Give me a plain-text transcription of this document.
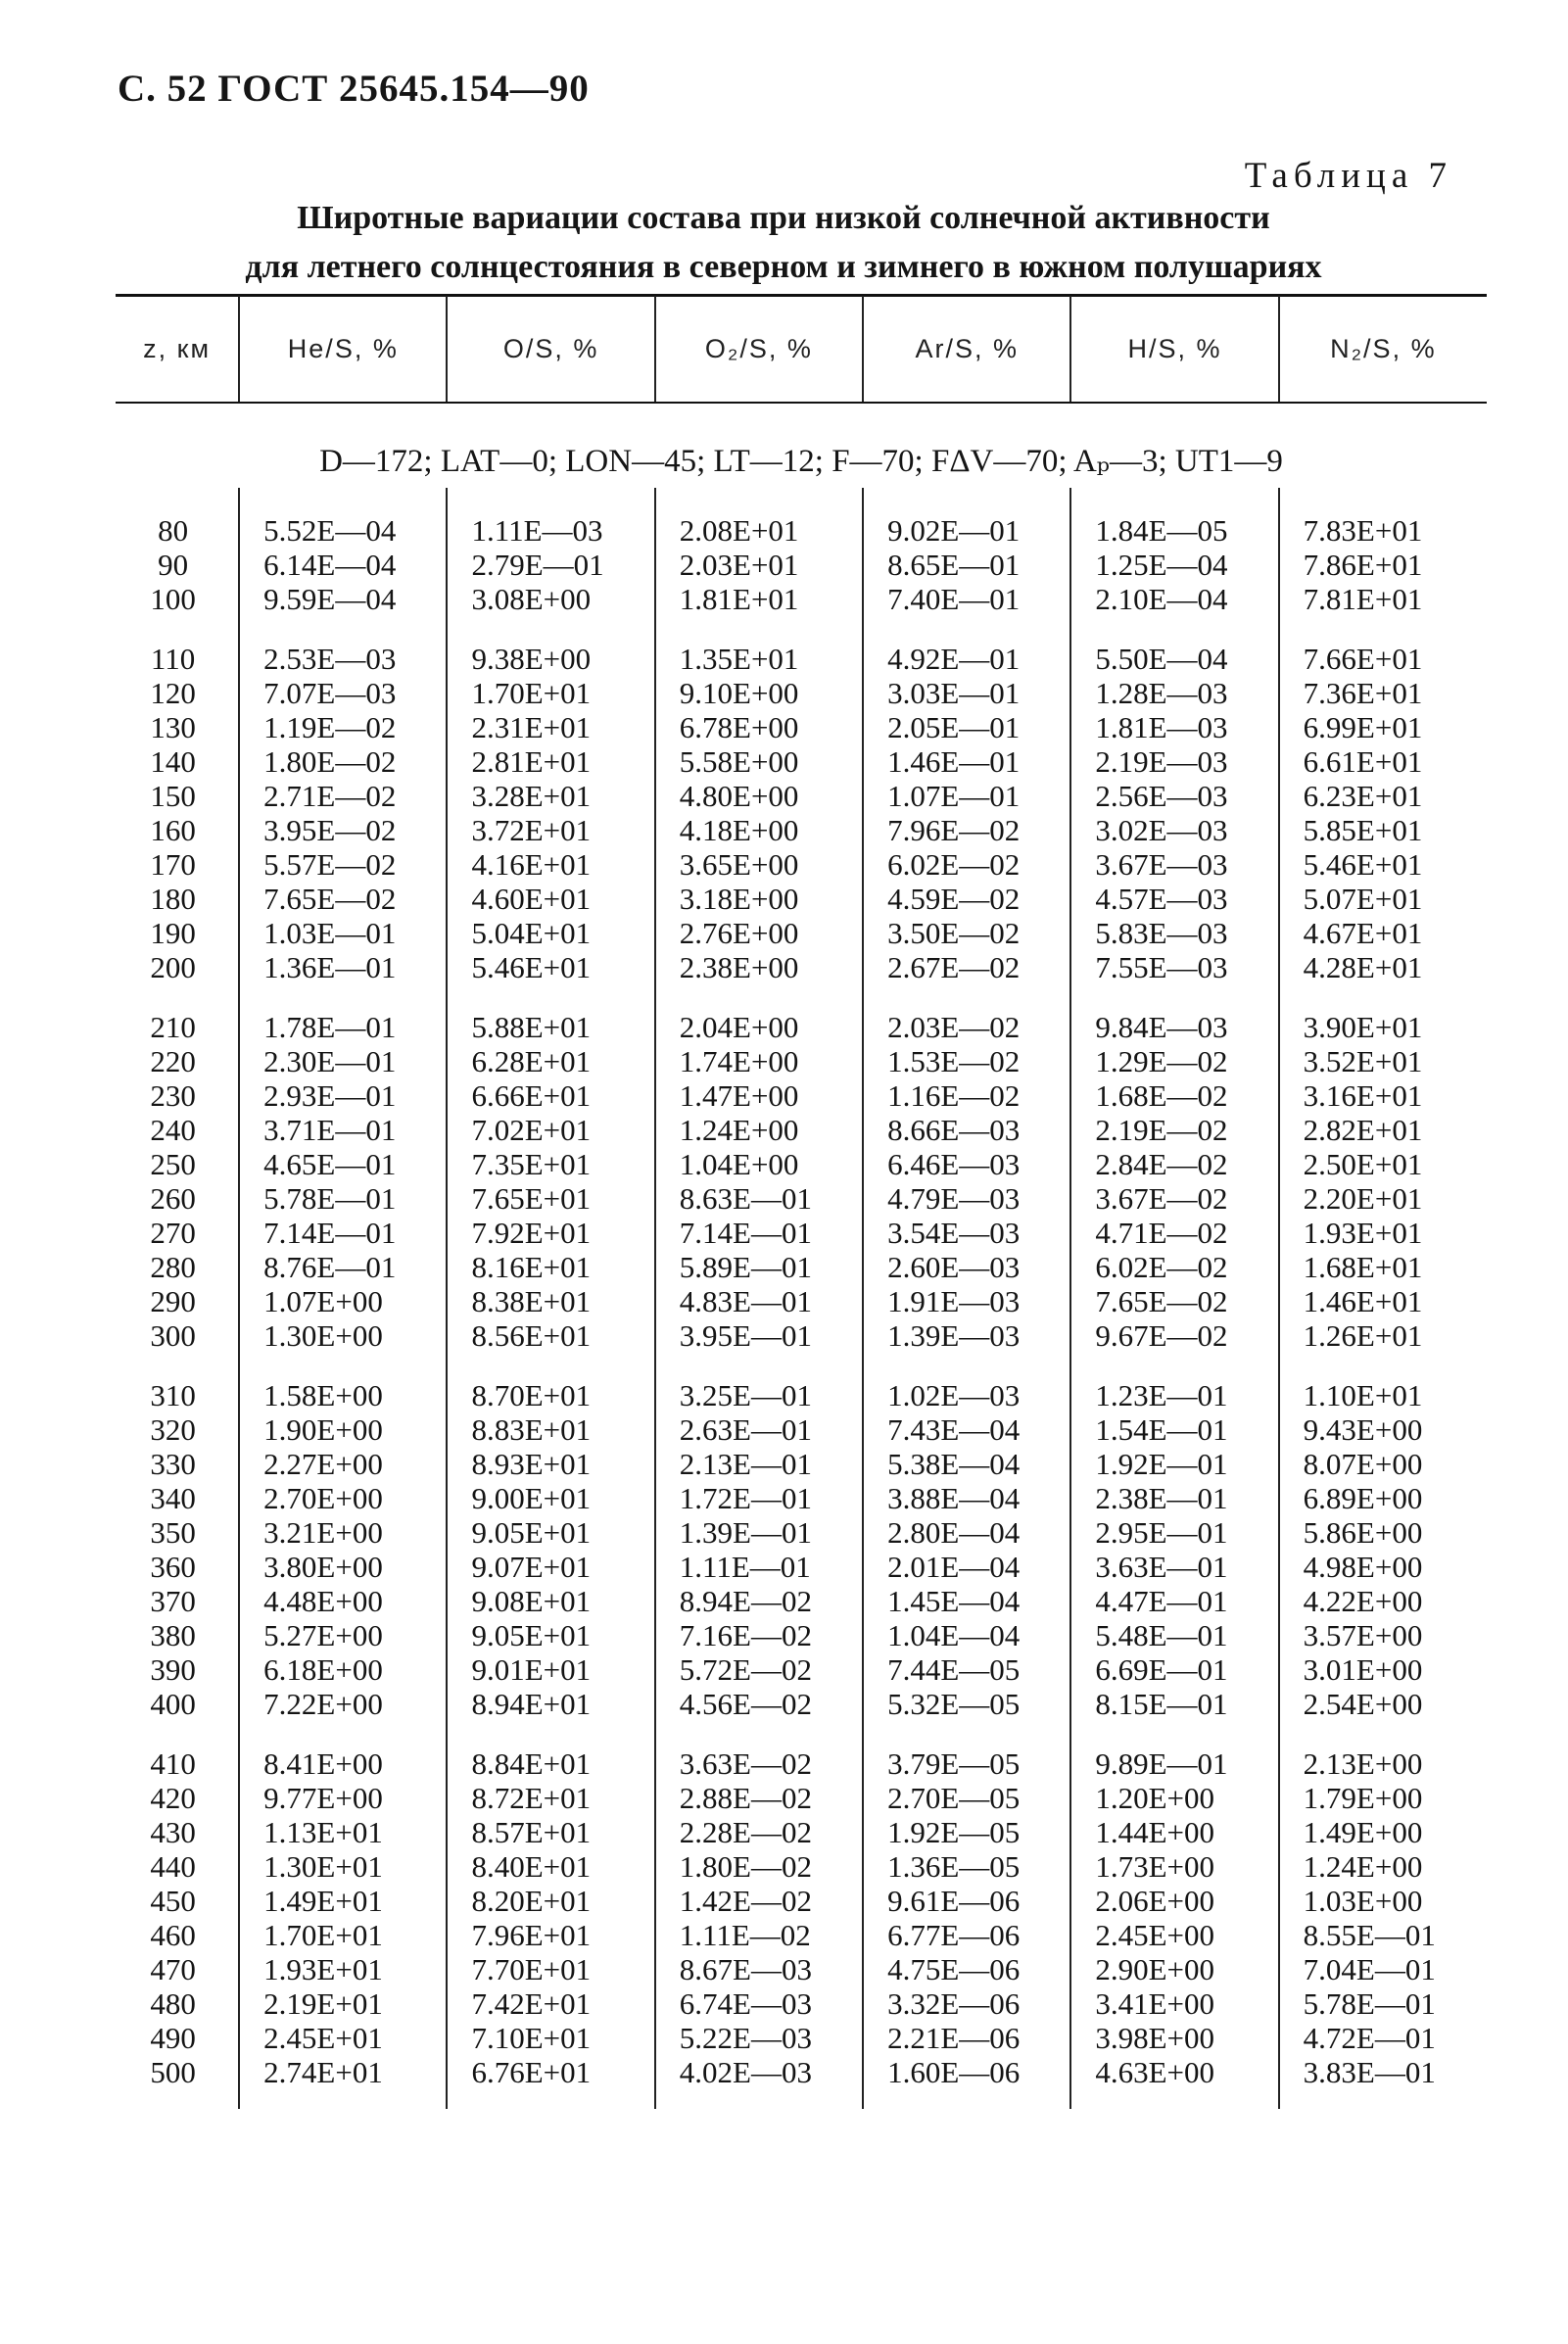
С. 52 ГОСТ 25645.154—90
Таблица 7
Широтные вариации состава при низкой солнечной активности
для летнего солнцестояния в северном и зимнего в южном полушариях
z, км	He/S, %	O/S, %	O₂/S, %	Ar/S, %	H/S, %	N₂/S, %
D—172; LAT—0; LON—45; LT—12; F—70; FΔV—70; Aₚ—3; UT1—9						

80	5.52E—04	1.11E—03	2.08E+01	9.02E—01	1.84E—05	7.83E+01
90	6.14E—04	2.79E—01	2.03E+01	8.65E—01	1.25E—04	7.86E+01
100	9.59E—04	3.08E+00	1.81E+01	7.40E—01	2.10E—04	7.81E+01

110	2.53E—03	9.38E+00	1.35E+01	4.92E—01	5.50E—04	7.66E+01
120	7.07E—03	1.70E+01	9.10E+00	3.03E—01	1.28E—03	7.36E+01
130	1.19E—02	2.31E+01	6.78E+00	2.05E—01	1.81E—03	6.99E+01
140	1.80E—02	2.81E+01	5.58E+00	1.46E—01	2.19E—03	6.61E+01
150	2.71E—02	3.28E+01	4.80E+00	1.07E—01	2.56E—03	6.23E+01
160	3.95E—02	3.72E+01	4.18E+00	7.96E—02	3.02E—03	5.85E+01
170	5.57E—02	4.16E+01	3.65E+00	6.02E—02	3.67E—03	5.46E+01
180	7.65E—02	4.60E+01	3.18E+00	4.59E—02	4.57E—03	5.07E+01
190	1.03E—01	5.04E+01	2.76E+00	3.50E—02	5.83E—03	4.67E+01
200	1.36E—01	5.46E+01	2.38E+00	2.67E—02	7.55E—03	4.28E+01

210	1.78E—01	5.88E+01	2.04E+00	2.03E—02	9.84E—03	3.90E+01
220	2.30E—01	6.28E+01	1.74E+00	1.53E—02	1.29E—02	3.52E+01
230	2.93E—01	6.66E+01	1.47E+00	1.16E—02	1.68E—02	3.16E+01
240	3.71E—01	7.02E+01	1.24E+00	8.66E—03	2.19E—02	2.82E+01
250	4.65E—01	7.35E+01	1.04E+00	6.46E—03	2.84E—02	2.50E+01
260	5.78E—01	7.65E+01	8.63E—01	4.79E—03	3.67E—02	2.20E+01
270	7.14E—01	7.92E+01	7.14E—01	3.54E—03	4.71E—02	1.93E+01
280	8.76E—01	8.16E+01	5.89E—01	2.60E—03	6.02E—02	1.68E+01
290	1.07E+00	8.38E+01	4.83E—01	1.91E—03	7.65E—02	1.46E+01
300	1.30E+00	8.56E+01	3.95E—01	1.39E—03	9.67E—02	1.26E+01

310	1.58E+00	8.70E+01	3.25E—01	1.02E—03	1.23E—01	1.10E+01
320	1.90E+00	8.83E+01	2.63E—01	7.43E—04	1.54E—01	9.43E+00
330	2.27E+00	8.93E+01	2.13E—01	5.38E—04	1.92E—01	8.07E+00
340	2.70E+00	9.00E+01	1.72E—01	3.88E—04	2.38E—01	6.89E+00
350	3.21E+00	9.05E+01	1.39E—01	2.80E—04	2.95E—01	5.86E+00
360	3.80E+00	9.07E+01	1.11E—01	2.01E—04	3.63E—01	4.98E+00
370	4.48E+00	9.08E+01	8.94E—02	1.45E—04	4.47E—01	4.22E+00
380	5.27E+00	9.05E+01	7.16E—02	1.04E—04	5.48E—01	3.57E+00
390	6.18E+00	9.01E+01	5.72E—02	7.44E—05	6.69E—01	3.01E+00
400	7.22E+00	8.94E+01	4.56E—02	5.32E—05	8.15E—01	2.54E+00

410	8.41E+00	8.84E+01	3.63E—02	3.79E—05	9.89E—01	2.13E+00
420	9.77E+00	8.72E+01	2.88E—02	2.70E—05	1.20E+00	1.79E+00
430	1.13E+01	8.57E+01	2.28E—02	1.92E—05	1.44E+00	1.49E+00
440	1.30E+01	8.40E+01	1.80E—02	1.36E—05	1.73E+00	1.24E+00
450	1.49E+01	8.20E+01	1.42E—02	9.61E—06	2.06E+00	1.03E+00
460	1.70E+01	7.96E+01	1.11E—02	6.77E—06	2.45E+00	8.55E—01
470	1.93E+01	7.70E+01	8.67E—03	4.75E—06	2.90E+00	7.04E—01
480	2.19E+01	7.42E+01	6.74E—03	3.32E—06	3.41E+00	5.78E—01
490	2.45E+01	7.10E+01	5.22E—03	2.21E—06	3.98E+00	4.72E—01
500	2.74E+01	6.76E+01	4.02E—03	1.60E—06	4.63E+00	3.83E—01
